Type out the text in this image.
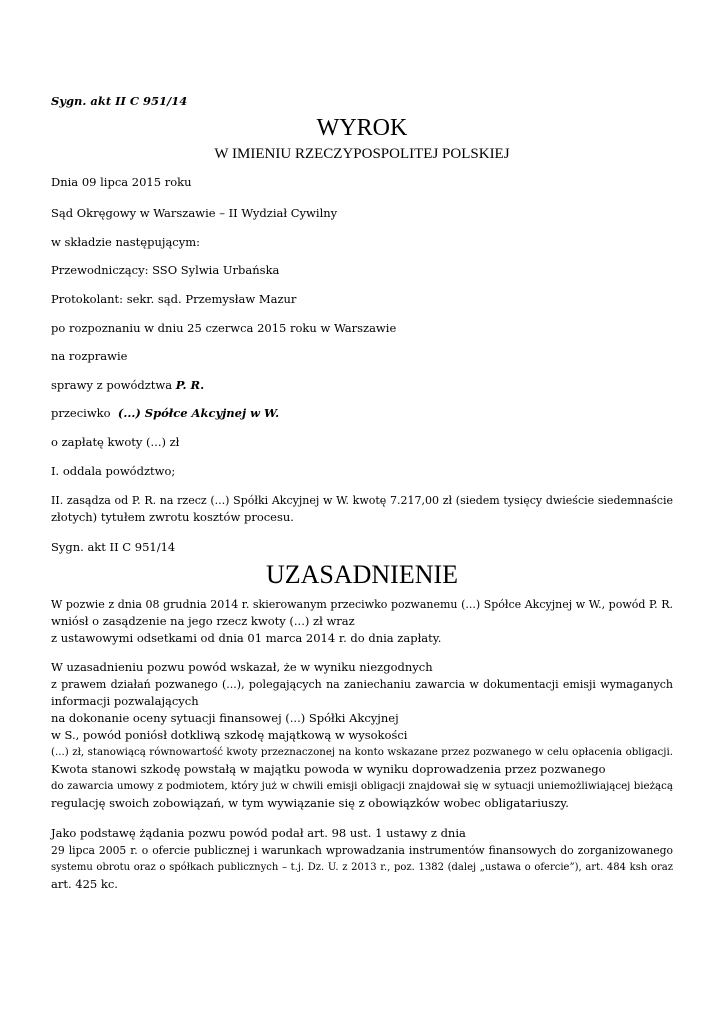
Sygn. akt II C 951/14
WYROK
W IMIENIU RZECZYPOSPOLITEJ POLSKIEJ
Dnia 09 lipca 2015 roku
Sąd Okręgowy w Warszawie – II Wydział Cywilny
w składzie następującym:
Przewodniczący: SSO Sylwia Urbańska
Protokolant: sekr. sąd. Przemysław Mazur
po rozpoznaniu w dniu 25 czerwca 2015 roku w Warszawie
na rozprawie
sprawy z powództwa P. R.
przeciwko (...) Spółce Akcyjnej w W.
o zapłatę kwoty (...) zł
I. oddala powództwo;
II. zasądza od P. R. na rzecz (...) Spółki Akcyjnej w W. kwotę 7.217,00 zł (siedem tysięcy dwieście siedemnaście
złotych) tytułem zwrotu kosztów procesu.
Sygn. akt II C 951/14
UZASADNIENIE
W pozwie z dnia 08 grudnia 2014 r. skierowanym przeciwko pozwanemu (...) Spółce Akcyjnej w W., powód P. R.
wniósł o zasądzenie na jego rzecz kwoty (...) zł wraz
z ustawowymi odsetkami od dnia 01 marca 2014 r. do dnia zapłaty.
W uzasadnieniu pozwu powód wskazał, że w wyniku niezgodnych
z prawem działań pozwanego (...), polegających na zaniechaniu zawarcia w dokumentacji emisji wymaganych
informacji pozwalających
na dokonanie oceny sytuacji finansowej (...) Spółki Akcyjnej
w S., powód poniósł dotkliwą szkodę majątkową w wysokości
(...) zł, stanowiącą równowartość kwoty przeznaczonej na konto wskazane przez pozwanego w celu opłacenia obligacji.
Kwota stanowi szkodę powstałą w majątku powoda w wyniku doprowadzenia przez pozwanego
do zawarcia umowy z podmiotem, który już w chwili emisji obligacji znajdował się w sytuacji uniemożliwiającej bieżącą
regulację swoich zobowiązań, w tym wywiązanie się z obowiązków wobec obligatariuszy.
Jako podstawę żądania pozwu powód podał art. 98 ust. 1 ustawy z dnia
29 lipca 2005 r. o ofercie publicznej i warunkach wprowadzania instrumentów finansowych do zorganizowanego
systemu obrotu oraz o spółkach publicznych – t.j. Dz. U. z 2013 r., poz. 1382 (dalej „ustawa o ofercie”), art. 484 ksh oraz
art. 425 kc.
